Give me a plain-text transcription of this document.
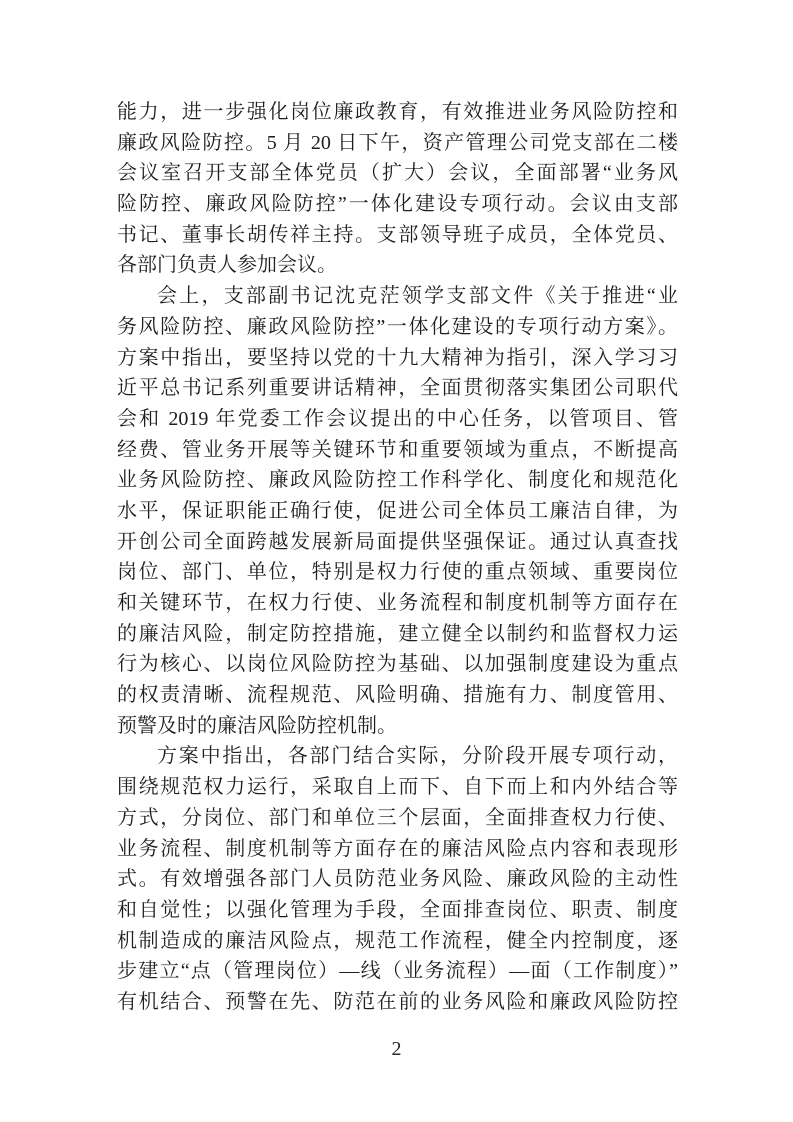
能力，进一步强化岗位廉政教育，有效推进业务风险防控和
廉政风险防控。5 月 20 日下午，资产管理公司党支部在二楼
会议室召开支部全体党员（扩大）会议，全面部署“业务风
险防控、廉政风险防控”一体化建设专项行动。会议由支部
书记、董事长胡传祥主持。支部领导班子成员，全体党员、
各部门负责人参加会议。
会上，支部副书记沈克茫领学支部文件《关于推进“业
务风险防控、廉政风险防控”一体化建设的专项行动方案》。
方案中指出，要坚持以党的十九大精神为指引，深入学习习
近平总书记系列重要讲话精神，全面贯彻落实集团公司职代
会和 2019 年党委工作会议提出的中心任务，以管项目、管
经费、管业务开展等关键环节和重要领域为重点，不断提高
业务风险防控、廉政风险防控工作科学化、制度化和规范化
水平，保证职能正确行使，促进公司全体员工廉洁自律，为
开创公司全面跨越发展新局面提供坚强保证。通过认真查找
岗位、部门、单位，特别是权力行使的重点领域、重要岗位
和关键环节，在权力行使、业务流程和制度机制等方面存在
的廉洁风险，制定防控措施，建立健全以制约和监督权力运
行为核心、以岗位风险防控为基础、以加强制度建设为重点
的权责清晰、流程规范、风险明确、措施有力、制度管用、
预警及时的廉洁风险防控机制。
方案中指出，各部门结合实际，分阶段开展专项行动，
围绕规范权力运行，采取自上而下、自下而上和内外结合等
方式，分岗位、部门和单位三个层面，全面排查权力行使、
业务流程、制度机制等方面存在的廉洁风险点内容和表现形
式。有效增强各部门人员防范业务风险、廉政风险的主动性
和自觉性；以强化管理为手段，全面排查岗位、职责、制度
机制造成的廉洁风险点，规范工作流程，健全内控制度，逐
步建立“点（管理岗位）—线（业务流程）—面（工作制度）”
有机结合、预警在先、防范在前的业务风险和廉政风险防控
2
